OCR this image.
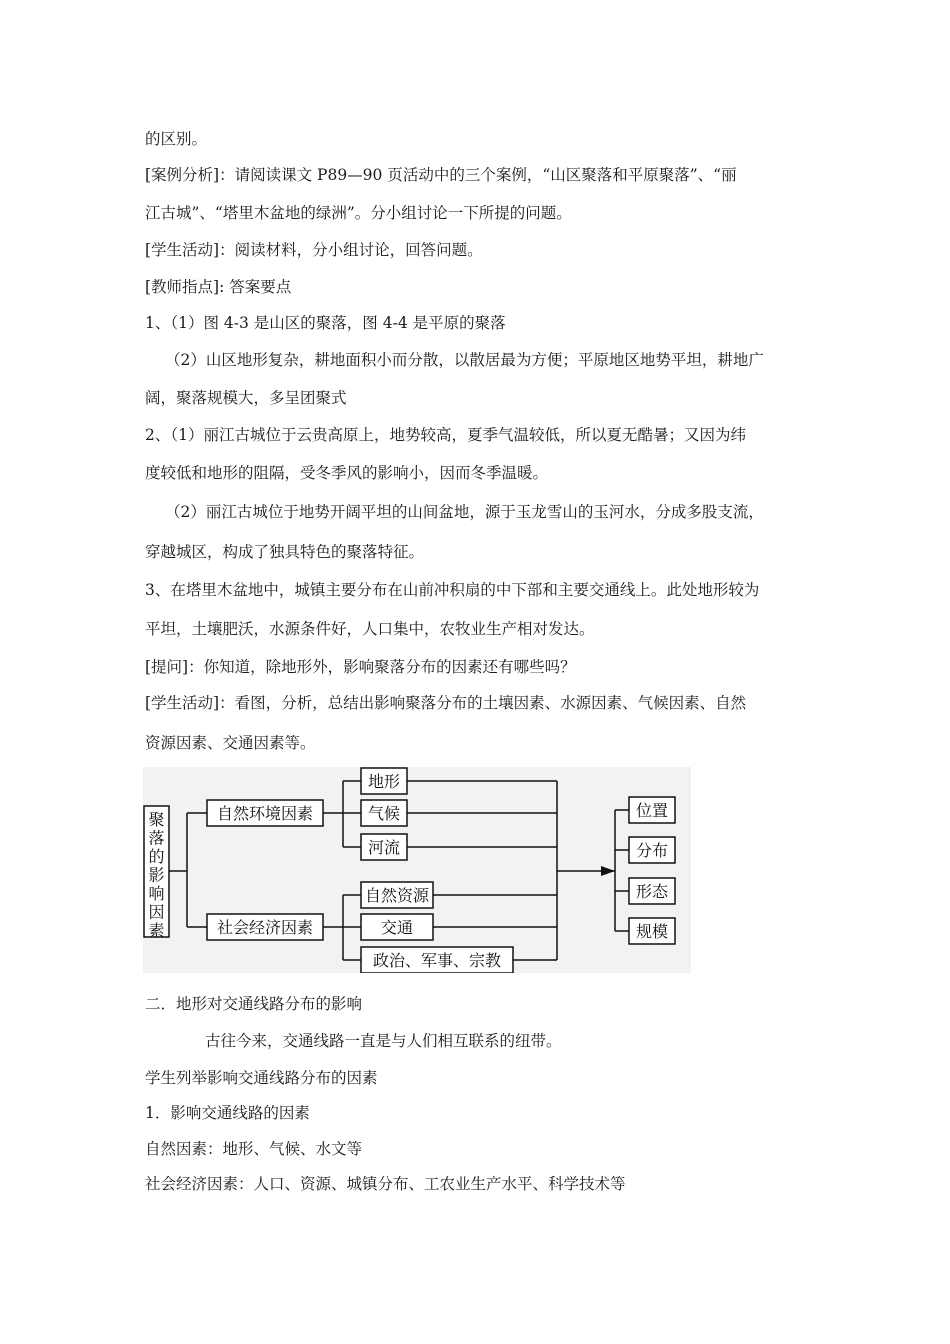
的区别。
[案例分析]：请阅读课文 P89—90 页活动中的三个案例，“山区聚落和平原聚落”、“丽
江古城”、“塔里木盆地的绿洲”。分小组讨论一下所提的问题。
[学生活动]：阅读材料，分小组讨论，回答问题。
[教师指点]: 答案要点
1、（1）图 4-3 是山区的聚落，图 4-4 是平原的聚落
（2）山区地形复杂，耕地面积小而分散，以散居最为方便；平原地区地势平坦，耕地广
阔，聚落规模大，多呈团聚式
2、（1）丽江古城位于云贵高原上，地势较高，夏季气温较低，所以夏无酷暑；又因为纬
度较低和地形的阻隔，受冬季风的影响小，因而冬季温暖。
（2）丽江古城位于地势开阔平坦的山间盆地，源于玉龙雪山的玉河水，分成多股支流，
穿越城区，构成了独具特色的聚落特征。
3、在塔里木盆地中，城镇主要分布在山前冲积扇的中下部和主要交通线上。此处地形较为
平坦，土壤肥沃，水源条件好，人口集中，农牧业生产相对发达。
[提问]：你知道，除地形外，影响聚落分布的因素还有哪些吗？
[学生活动]：看图，分析，总结出影响聚落分布的土壤因素、水源因素、气候因素、自然
资源因素、交通因素等。
聚
落
的
影
响
因
素
自然环境因素
社会经济因素
地形
气候
河流
自然资源
交通
政治、军事、宗教
位置
分布
形态
规模
二．地形对交通线路分布的影响
古往今来，交通线路一直是与人们相互联系的纽带。
学生列举影响交通线路分布的因素
1．影响交通线路的因素
自然因素：地形、气候、水文等
社会经济因素：人口、资源、城镇分布、工农业生产水平、科学技术等
